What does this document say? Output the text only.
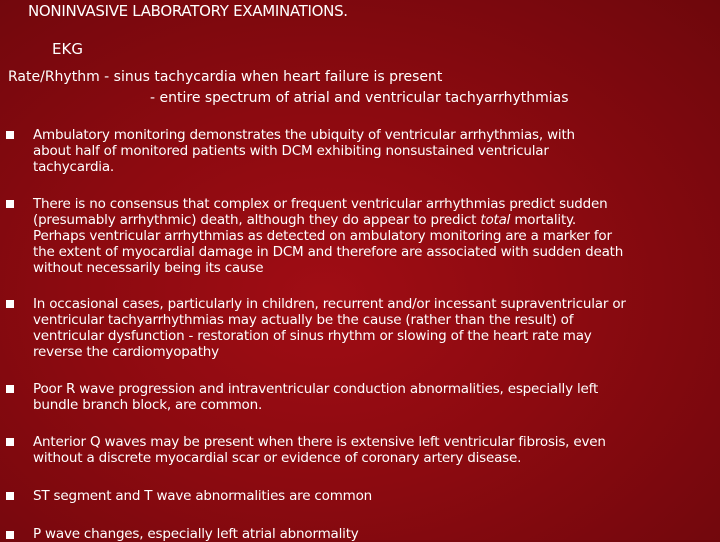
NONINVASIVE LABORATORY EXAMINATIONS.
EKG
Rate/Rhythm - sinus tachycardia when heart failure is present
- entire spectrum of atrial and ventricular tachyarrhythmias
Ambulatory monitoring demonstrates the ubiquity of ventricular arrhythmias, with
about half of monitored patients with DCM exhibiting nonsustained ventricular
tachycardia.
There is no consensus that complex or frequent ventricular arrhythmias predict sudden
(presumably arrhythmic) death, although they do appear to predict total mortality.
Perhaps ventricular arrhythmias as detected on ambulatory monitoring are a marker for
the extent of myocardial damage in DCM and therefore are associated with sudden death
without necessarily being its cause
In occasional cases, particularly in children, recurrent and/or incessant supraventricular or
ventricular tachyarrhythmias may actually be the cause (rather than the result) of
ventricular dysfunction - restoration of sinus rhythm or slowing of the heart rate may
reverse the cardiomyopathy
Poor R wave progression and intraventricular conduction abnormalities, especially left
bundle branch block, are common.
Anterior Q waves may be present when there is extensive left ventricular fibrosis, even
without a discrete myocardial scar or evidence of coronary artery disease.
ST segment and T wave abnormalities are common
P wave changes, especially left atrial abnormality
